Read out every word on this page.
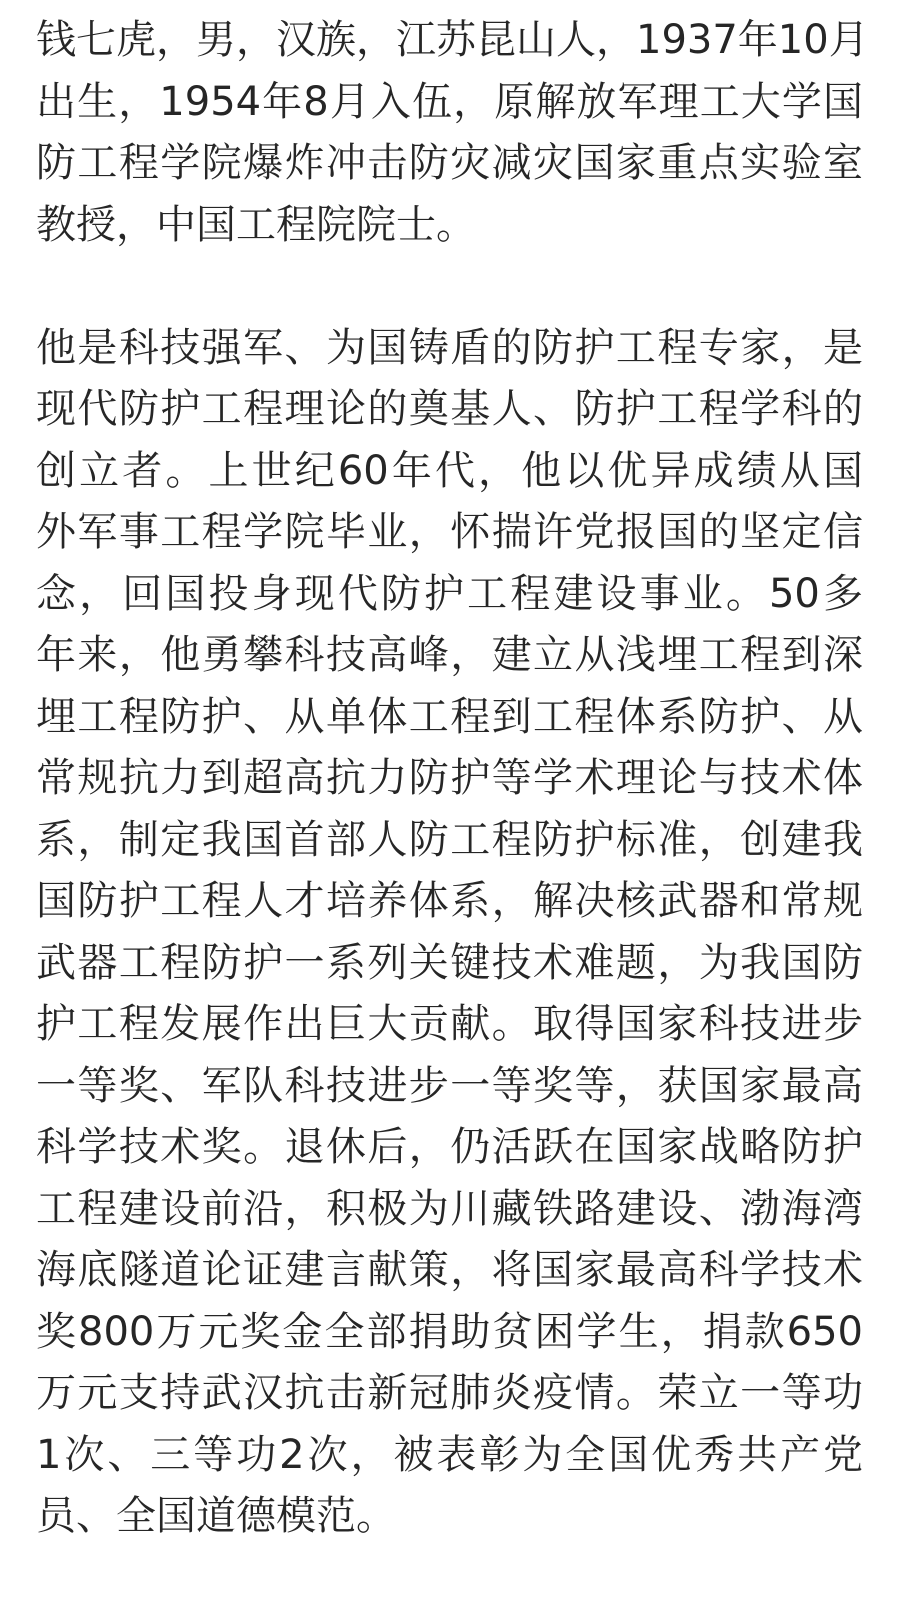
钱七虎，男，汉族，江苏昆山人，1937年10月
出生，1954年8月入伍，原解放军理工大学国
防工程学院爆炸冲击防灾减灾国家重点实验室
教授，中国工程院院士。
他是科技强军、为国铸盾的防护工程专家，是
现代防护工程理论的奠基人、防护工程学科的
创立者。上世纪60年代，他以优异成绩从国
外军事工程学院毕业，怀揣许党报国的坚定信
念，回国投身现代防护工程建设事业。50多
年来，他勇攀科技高峰，建立从浅埋工程到深
埋工程防护、从单体工程到工程体系防护、从
常规抗力到超高抗力防护等学术理论与技术体
系，制定我国首部人防工程防护标准，创建我
国防护工程人才培养体系，解决核武器和常规
武器工程防护一系列关键技术难题，为我国防
护工程发展作出巨大贡献。取得国家科技进步
一等奖、军队科技进步一等奖等，获国家最高
科学技术奖。退休后，仍活跃在国家战略防护
工程建设前沿，积极为川藏铁路建设、渤海湾
海底隧道论证建言献策，将国家最高科学技术
奖800万元奖金全部捐助贫困学生，捐款650
万元支持武汉抗击新冠肺炎疫情。荣立一等功
1次、三等功2次，被表彰为全国优秀共产党
员、全国道德模范。
